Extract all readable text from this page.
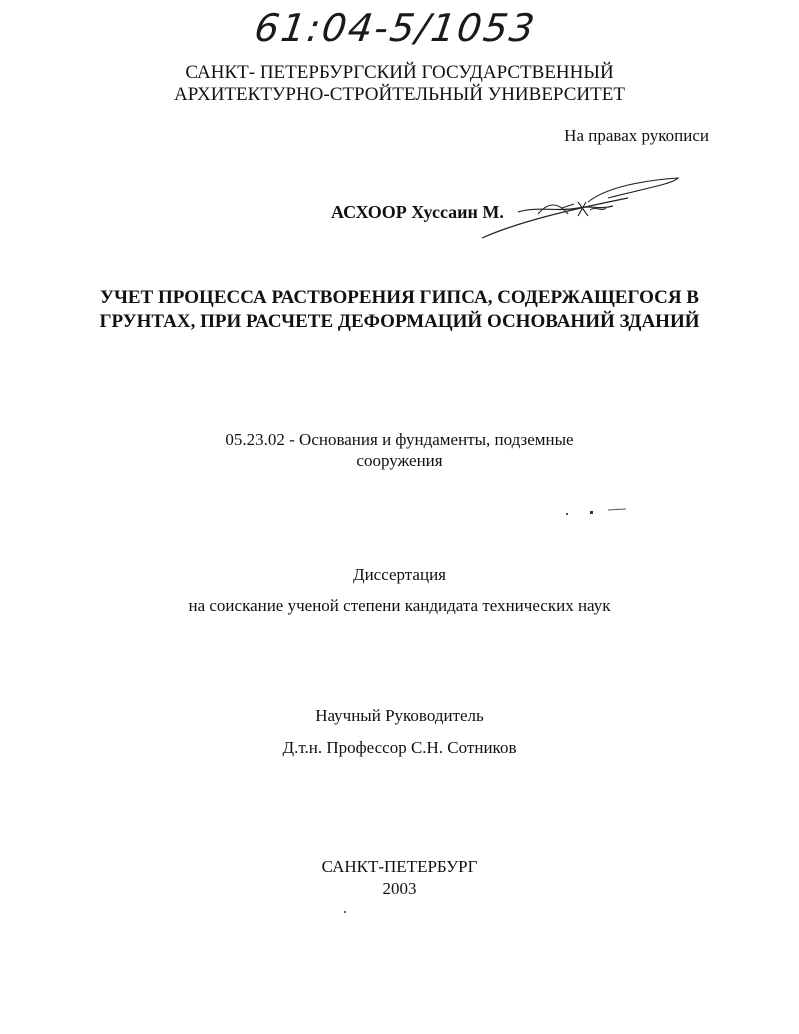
61:04-5/1053
САНКТ- ПЕТЕРБУРГСКИЙ ГОСУДАРСТВЕННЫЙ
АРХИТЕКТУРНО-СТРОЙТЕЛЬНЫЙ УНИВЕРСИТЕТ
На правах рукописи
АСХООР Хуссаин М.
УЧЕТ ПРОЦЕССА РАСТВОРЕНИЯ ГИПСА, СОДЕРЖАЩЕГОСЯ В
ГРУНТАХ, ПРИ РАСЧЕТЕ ДЕФОРМАЦИЙ ОСНОВАНИЙ ЗДАНИЙ
05.23.02 - Основания и фундаменты, подземные
сооружения
Диссертация
на соискание ученой степени кандидата технических наук
Научный Руководитель
Д.т.н. Профессор С.Н. Сотников
САНКТ-ПЕТЕРБУРГ
2003
